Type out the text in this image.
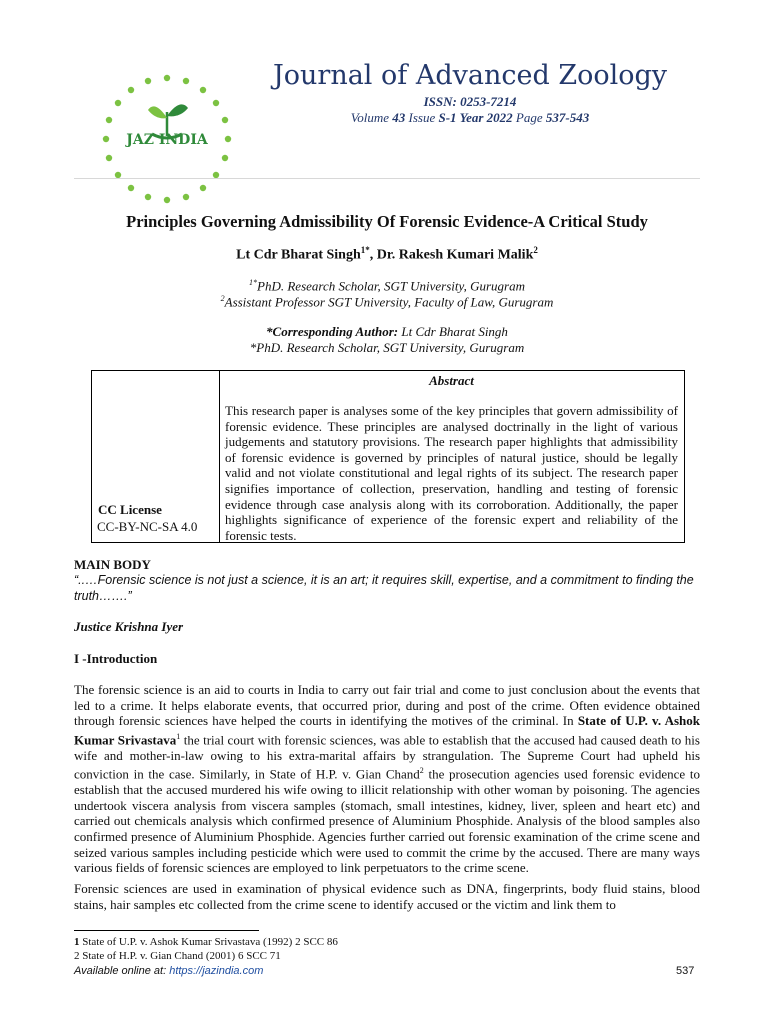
JAZ INDIA
Journal of Advanced Zoology
ISSN: 0253-7214
Volume 43 Issue S-1 Year 2022 Page 537-543
Principles Governing Admissibility Of Forensic Evidence-A Critical Study
Lt Cdr Bharat Singh$^{1*}$, Dr. Rakesh Kumari Malik$^2$
$^{1*}$PhD. Research Scholar, SGT University, Gurugram
$^2$Assistant Professor SGT University, Faculty of Law, Gurugram
*Corresponding Author: Lt Cdr Bharat Singh
*PhD. Research Scholar, SGT University, Gurugram
CC License
CC-BY-NC-SA 4.0
Abstract
This research paper is analyses some of the key principles that govern admissibility of forensic evidence. These principles are analysed doctrinally in the light of various judgements and statutory provisions. The research paper highlights that admissibility of forensic evidence is governed by principles of natural justice, should be legally valid and not violate constitutional and legal rights of its subject. The research paper signifies importance of collection, preservation, handling and testing of forensic evidence through case analysis along with its corroboration. Additionally, the paper highlights significance of experience of the forensic expert and reliability of the forensic tests.
MAIN BODY
“..…Forensic science is not just a science, it is an art; it requires skill, expertise, and a commitment to finding the truth…….”
Justice Krishna Iyer
I -Introduction
The forensic science is an aid to courts in India to carry out fair trial and come to just conclusion about the events that led to a crime. It helps elaborate events, that occurred prior, during and post of the crime. Often evidence obtained through forensic sciences have helped the courts in identifying the motives of the criminal. In State of U.P. v. Ashok Kumar Srivastava$^1$ the trial court with forensic sciences, was able to establish that the accused had caused death to his wife and mother-in-law owing to his extra-marital affairs by strangulation. The Supreme Court had upheld his conviction in the case. Similarly, in State of H.P. v. Gian Chand$^2$ the prosecution agencies used forensic evidence to establish that the accused murdered his wife owing to illicit relationship with other woman by poisoning. The agencies undertook viscera analysis from viscera samples (stomach, small intestines, kidney, liver, spleen and heart etc) and carried out chemicals analysis which confirmed presence of Aluminium Phosphide. Analysis of the blood samples also confirmed presence of Aluminium Phosphide. Agencies further carried out forensic examination of the crime scene and seized various samples including pesticide which were used to commit the crime by the accused. There are many ways various fields of forensic sciences are employed to link perpetuators to the crime scene.
Forensic sciences are used in examination of physical evidence such as DNA, fingerprints, body fluid stains, blood stains, hair samples etc collected from the crime scene to identify accused or the victim and link them to
1 State of U.P. v. Ashok Kumar Srivastava (1992) 2 SCC 86
2 State of H.P. v. Gian Chand (2001) 6 SCC 71
Available online at: https://jazindia.com	537
